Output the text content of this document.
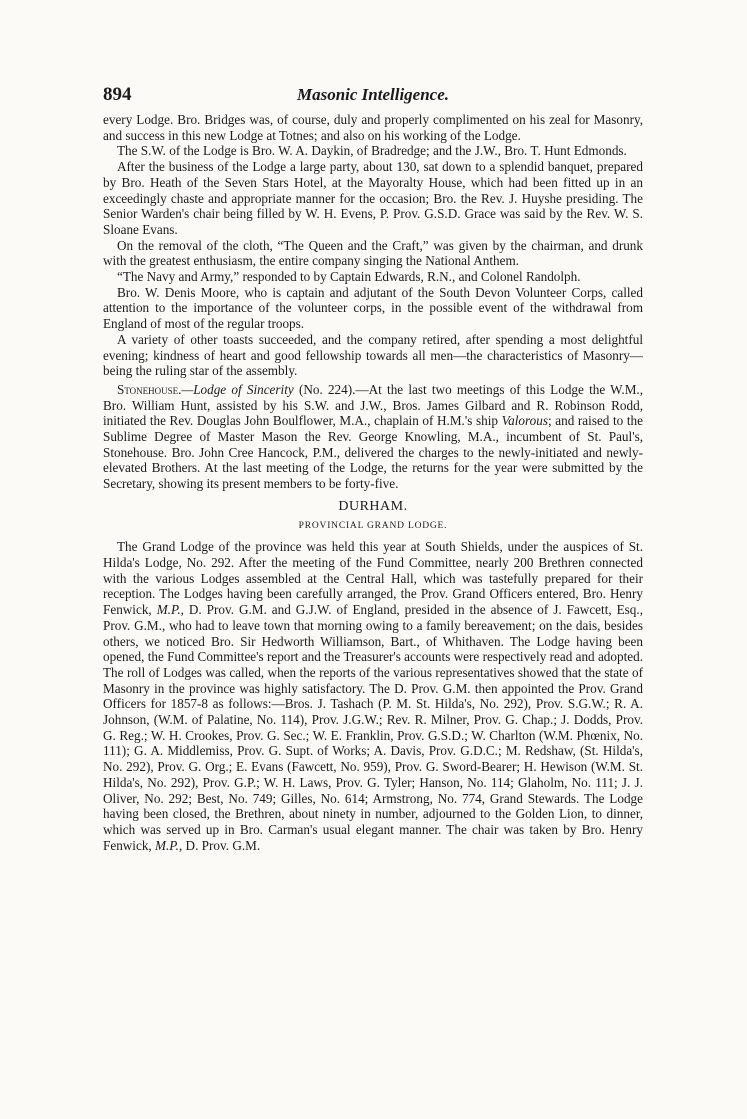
894	Masonic Intelligence.

every Lodge. Bro. Bridges was, of course, duly and properly complimented on his zeal for Masonry, and success in this new Lodge at Totnes; and also on his working of the Lodge.

The S.W. of the Lodge is Bro. W. A. Daykin, of Bradredge; and the J.W., Bro. T. Hunt Edmonds.

After the business of the Lodge a large party, about 130, sat down to a splendid banquet, prepared by Bro. Heath of the Seven Stars Hotel, at the Mayoralty House, which had been fitted up in an exceedingly chaste and appropriate manner for the occasion; Bro. the Rev. J. Huyshe presiding. The Senior Warden's chair being filled by W. H. Evens, P. Prov. G.S.D. Grace was said by the Rev. W. S. Sloane Evans.

On the removal of the cloth, “The Queen and the Craft,” was given by the chairman, and drunk with the greatest enthusiasm, the entire company singing the National Anthem.

“The Navy and Army,” responded to by Captain Edwards, R.N., and Colonel Randolph.

Bro. W. Denis Moore, who is captain and adjutant of the South Devon Volunteer Corps, called attention to the importance of the volunteer corps, in the possible event of the withdrawal from England of most of the regular troops.

A variety of other toasts succeeded, and the company retired, after spending a most delightful evening; kindness of heart and good fellowship towards all men—the characteristics of Masonry—being the ruling star of the assembly.

Stonehouse.—Lodge of Sincerity (No. 224).—At the last two meetings of this Lodge the W.M., Bro. William Hunt, assisted by his S.W. and J.W., Bros. James Gilbard and R. Robinson Rodd, initiated the Rev. Douglas John Boulflower, M.A., chaplain of H.M.'s ship Valorous; and raised to the Sublime Degree of Master Mason the Rev. George Knowling, M.A., incumbent of St. Paul's, Stonehouse. Bro. John Cree Hancock, P.M., delivered the charges to the newly-initiated and newly-elevated Brothers. At the last meeting of the Lodge, the returns for the year were submitted by the Secretary, showing its present members to be forty-five.

DURHAM.
PROVINCIAL GRAND LODGE.

The Grand Lodge of the province was held this year at South Shields, under the auspices of St. Hilda's Lodge, No. 292. After the meeting of the Fund Committee, nearly 200 Brethren connected with the various Lodges assembled at the Central Hall, which was tastefully prepared for their reception. The Lodges having been carefully arranged, the Prov. Grand Officers entered, Bro. Henry Fenwick, M.P., D. Prov. G.M. and G.J.W. of England, presided in the absence of J. Fawcett, Esq., Prov. G.M., who had to leave town that morning owing to a family bereavement; on the dais, besides others, we noticed Bro. Sir Hedworth Williamson, Bart., of Whithaven. The Lodge having been opened, the Fund Committee's report and the Treasurer's accounts were respectively read and adopted. The roll of Lodges was called, when the reports of the various representatives showed that the state of Masonry in the province was highly satisfactory. The D. Prov. G.M. then appointed the Prov. Grand Officers for 1857-8 as follows:—Bros. J. Tashach (P. M. St. Hilda's, No. 292), Prov. S.G.W.; R. A. Johnson, (W.M. of Palatine, No. 114), Prov. J.G.W.; Rev. R. Milner, Prov. G. Chap.; J. Dodds, Prov. G. Reg.; W. H. Crookes, Prov. G. Sec.; W. E. Franklin, Prov. G.S.D.; W. Charlton (W.M. Phœnix, No. 111); G. A. Middlemiss, Prov. G. Supt. of Works; A. Davis, Prov. G.D.C.; M. Redshaw, (St. Hilda's, No. 292), Prov. G. Org.; E. Evans (Fawcett, No. 959), Prov. G. Sword-Bearer; H. Hewison (W.M. St. Hilda's, No. 292), Prov. G.P.; W. H. Laws, Prov. G. Tyler; Hanson, No. 114; Glaholm, No. 111; J. J. Oliver, No. 292; Best, No. 749; Gilles, No. 614; Armstrong, No. 774, Grand Stewards. The Lodge having been closed, the Brethren, about ninety in number, adjourned to the Golden Lion, to dinner, which was served up in Bro. Carman's usual elegant manner. The chair was taken by Bro. Henry Fenwick, M.P., D. Prov. G.M.
